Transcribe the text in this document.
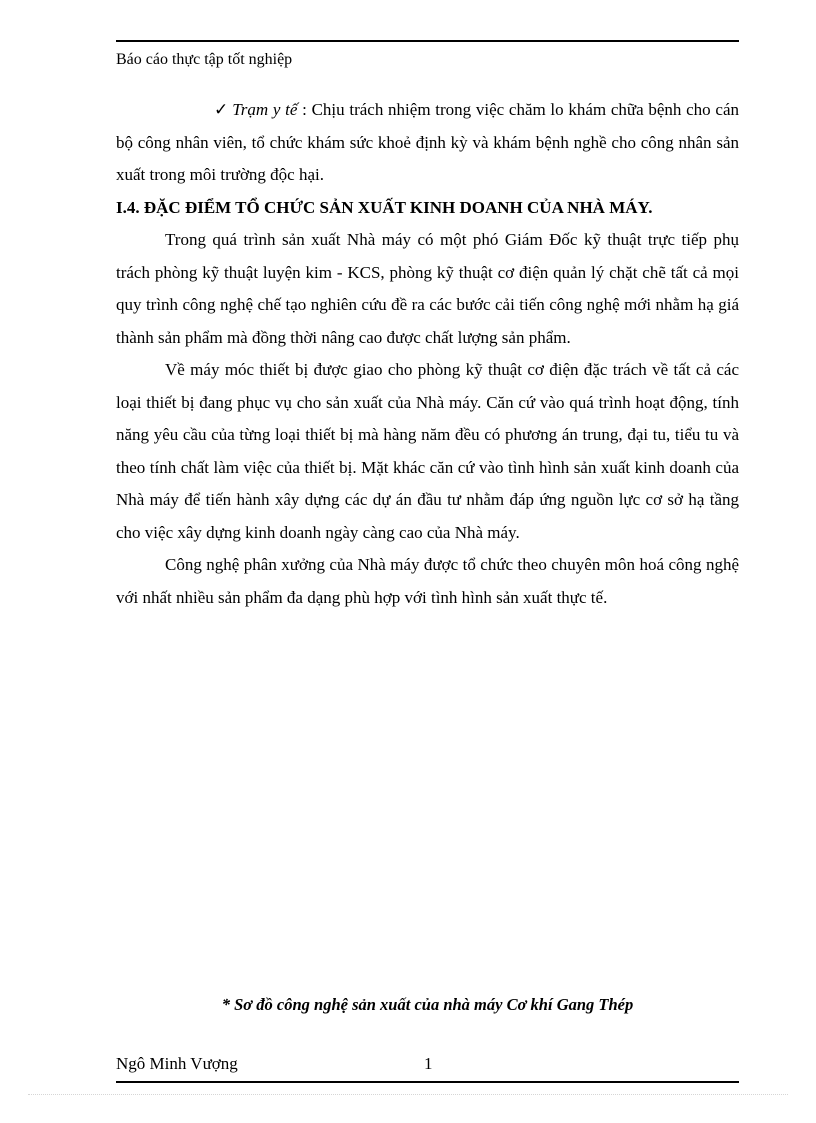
Báo cáo thực tập tốt nghiệp

✓ Trạm y tế : Chịu trách nhiệm trong việc chăm lo khám chữa bệnh cho cán bộ công nhân viên, tổ chức khám sức khoẻ định kỳ và khám bệnh nghề cho công nhân sản xuất trong môi trường độc hại.

I.4. ĐẶC ĐIỂM TỔ CHỨC SẢN XUẤT KINH DOANH CỦA NHÀ MÁY.

Trong quá trình sản xuất Nhà máy có một phó Giám Đốc kỹ thuật trực tiếp phụ trách phòng kỹ thuật luyện kim - KCS, phòng kỹ thuật cơ điện quản lý chặt chẽ tất cả mọi quy trình công nghệ chế tạo nghiên cứu đề ra các bước cải tiến công nghệ mới nhằm hạ giá thành sản phẩm mà đồng thời nâng cao được chất lượng sản phẩm.

Về máy móc thiết bị được giao cho phòng kỹ thuật cơ điện đặc trách về tất cả các loại thiết bị đang phục vụ cho sản xuất của Nhà máy. Căn cứ vào quá trình hoạt động, tính năng yêu cầu của từng loại thiết bị mà hàng năm đều có phương án trung, đại tu, tiểu tu và theo tính chất làm việc của thiết bị. Mặt khác căn cứ vào tình hình sản xuất kinh doanh của Nhà máy để tiến hành xây dựng các dự án đầu tư nhằm đáp ứng nguồn lực cơ sở hạ tầng cho việc xây dựng kinh doanh ngày càng cao của Nhà máy.

Công nghệ phân xưởng của Nhà máy được tổ chức theo chuyên môn hoá công nghệ với nhất nhiều sản phẩm đa dạng phù hợp với tình hình sản xuất thực tế.

* Sơ đồ công nghệ sản xuất của nhà máy Cơ khí Gang Thép
Ngô Minh Vượng	1
